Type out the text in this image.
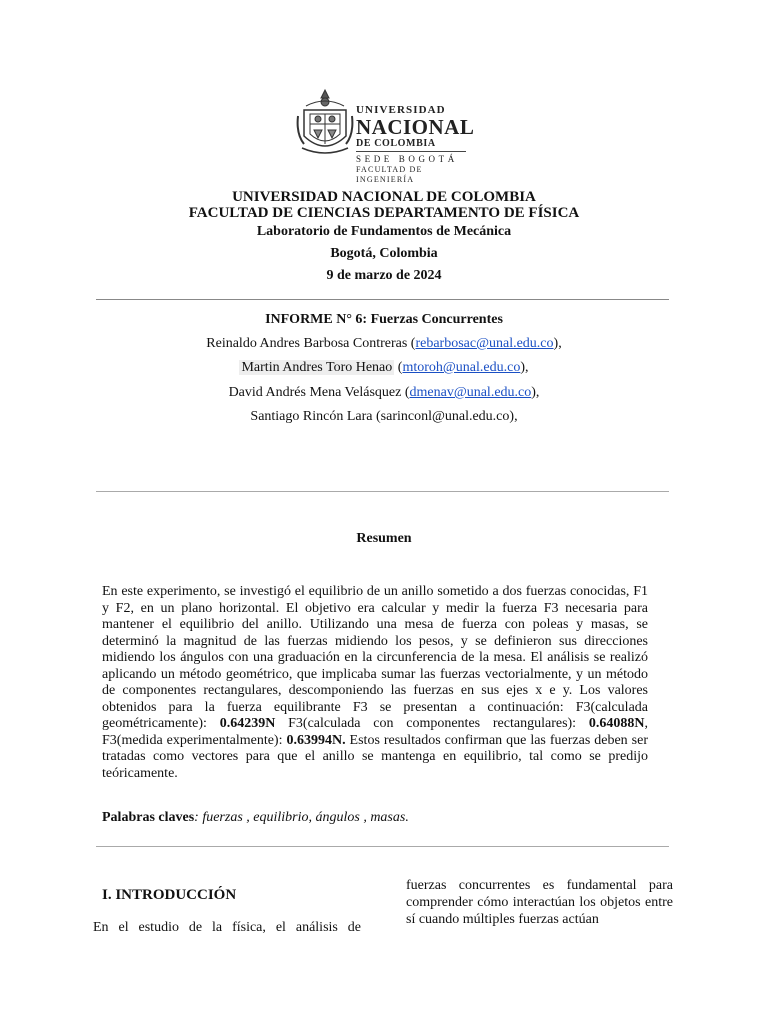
UNIVERSIDAD
NACIONAL
DE COLOMBIA
SEDE BOGOTÁ
FACULTAD DE INGENIERÍA
UNIVERSIDAD NACIONAL DE COLOMBIA
FACULTAD DE CIENCIAS DEPARTAMENTO DE FÍSICA
Laboratorio de Fundamentos de Mecánica
Bogotá, Colombia
9 de marzo de 2024
INFORME N° 6: Fuerzas Concurrentes
Reinaldo Andres Barbosa Contreras (rebarbosac@unal.edu.co),
Martin Andres Toro Henao (mtoroh@unal.edu.co),
David Andrés Mena Velásquez (dmenav@unal.edu.co),
Santiago Rincón Lara (sarinconl@unal.edu.co),
Resumen
En este experimento, se investigó el equilibrio de un anillo sometido a dos fuerzas conocidas, F1 y F2, en un plano horizontal. El objetivo era calcular y medir la fuerza F3 necesaria para mantener el equilibrio del anillo. Utilizando una mesa de fuerza con poleas y masas, se determinó la magnitud de las fuerzas midiendo los pesos, y se definieron sus direcciones midiendo los ángulos con una graduación en la circunferencia de la mesa. El análisis se realizó aplicando un método geométrico, que implicaba sumar las fuerzas vectorialmente, y un método de componentes rectangulares, descomponiendo las fuerzas en sus ejes x e y. Los valores obtenidos para la fuerza equilibrante F3 se presentan a continuación: F3(calculada geométricamente): 0.64239N F3(calculada con componentes rectangulares): 0.64088N, F3(medida experimentalmente): 0.63994N. Estos resultados confirman que las fuerzas deben ser tratadas como vectores para que el anillo se mantenga en equilibrio, tal como se predijo teóricamente.
Palabras claves: fuerzas , equilibrio, ángulos , masas.
I. INTRODUCCIÓN
En el estudio de la física, el análisis de
fuerzas concurrentes es fundamental para comprender cómo interactúan los objetos entre sí cuando múltiples fuerzas actúan
